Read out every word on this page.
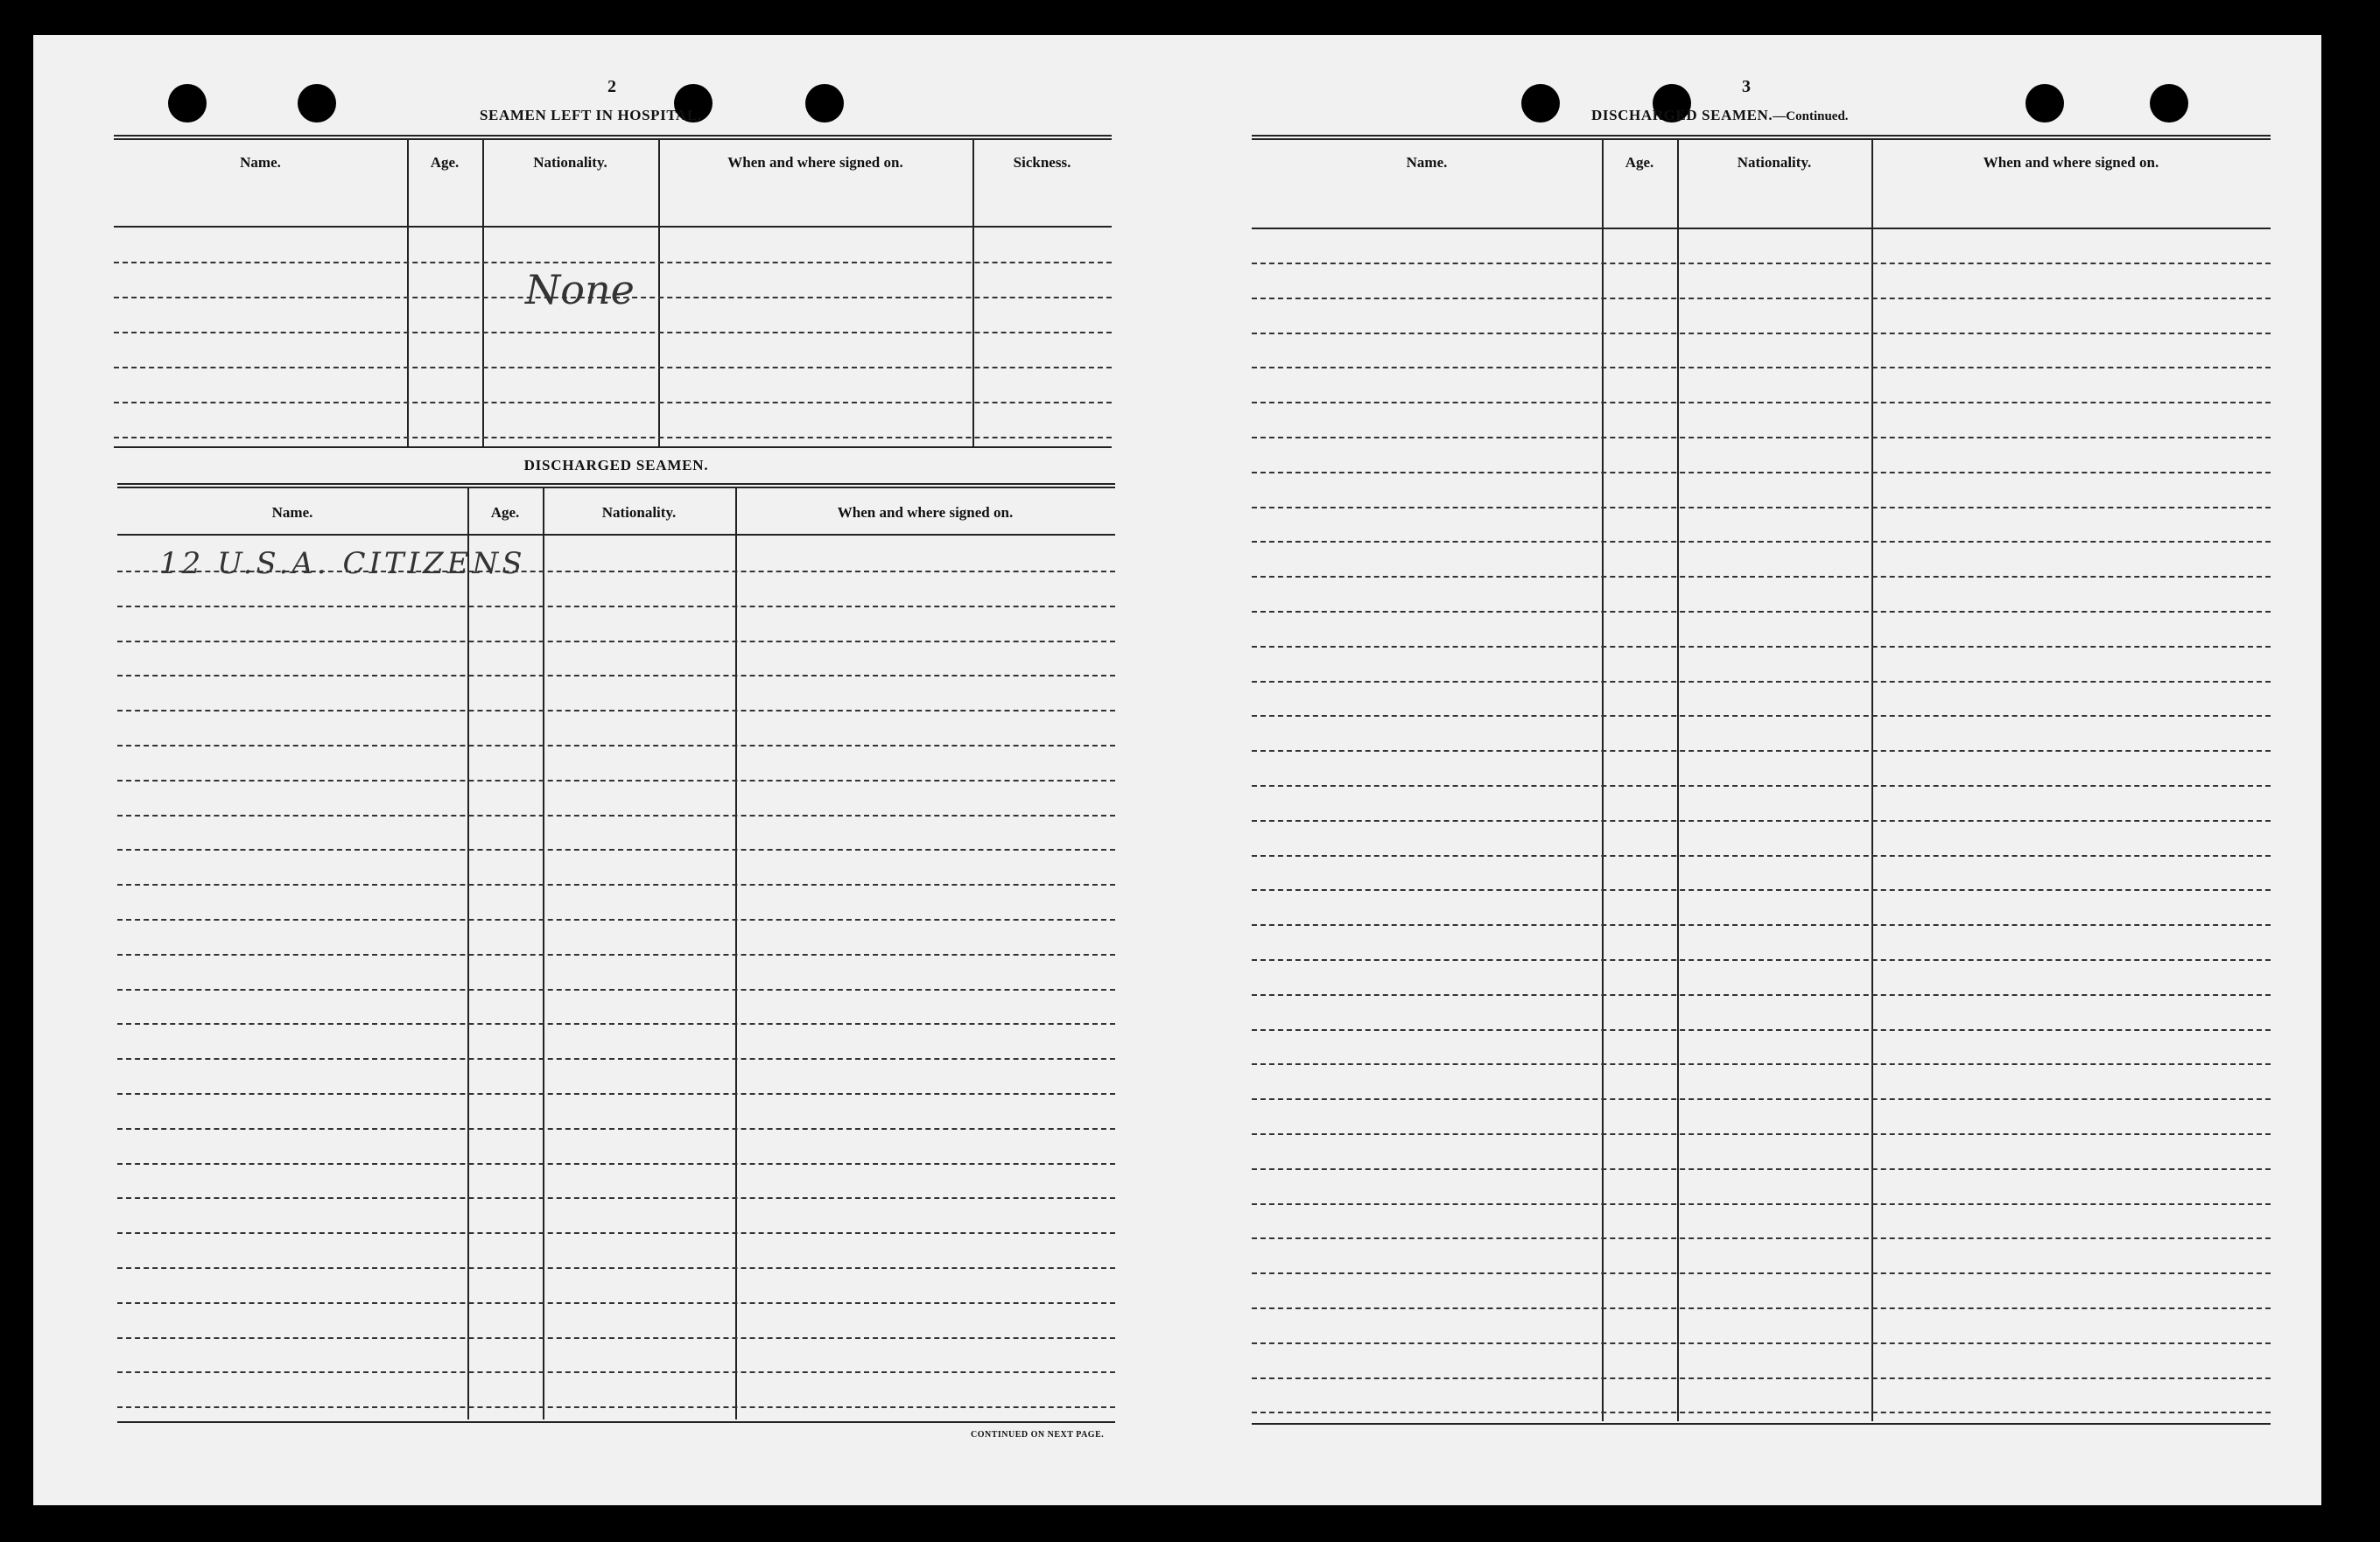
2
SEAMEN LEFT IN HOSPITAL.
Name.	Age.	Nationality.	When and where signed on.	Sickness.
None
DISCHARGED SEAMEN.
Name.	Age.	Nationality.	When and where signed on.
12 U.S.A. CITIZENS
CONTINUED ON NEXT PAGE.
3
DISCHARGED SEAMEN.—Continued.
Name.	Age.	Nationality.	When and where signed on.
